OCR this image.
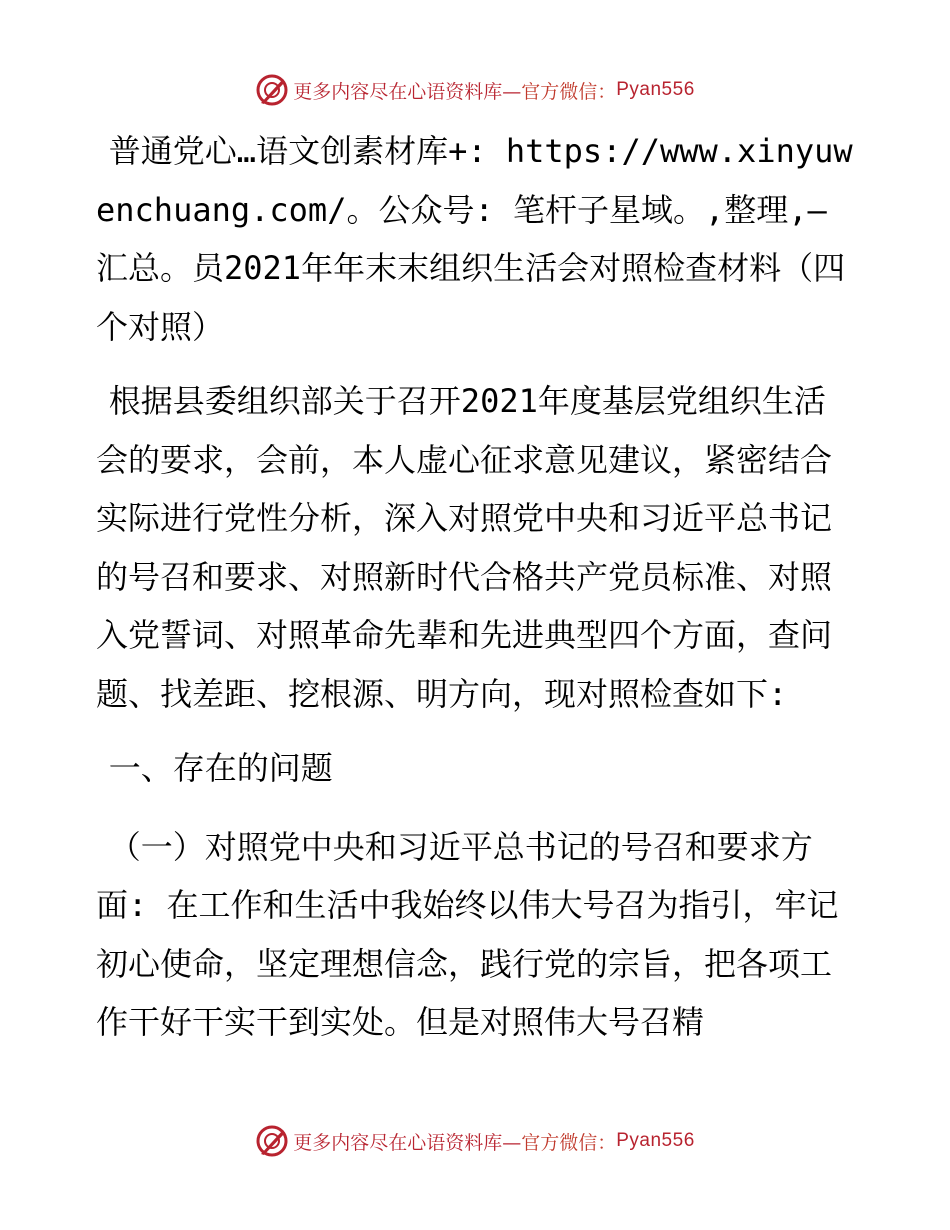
更多内容尽在心语资料库— 官方微信： Pyan556

普通党心…语文创素材库+: https://www.xinyuwenchuang.com/。公众号: 笔杆子星域。,整理,—汇总。员2021年年末末组织生活会对照检查材料（四个对照）

根据县委组织部关于召开2021年度基层党组织生活会的要求，会前，本人虚心征求意见建议，紧密结合实际进行党性分析，深入对照党中央和习近平总书记的号召和要求、对照新时代合格共产党员标准、对照入党誓词、对照革命先辈和先进典型四个方面，查问题、找差距、挖根源、明方向，现对照检查如下:

一、存在的问题

（一）对照党中央和习近平总书记的号召和要求方面: 在工作和生活中我始终以伟大号召为指引，牢记初心使命，坚定理想信念，践行党的宗旨，把各项工作干好干实干到实处。但是对照伟大号召精

更多内容尽在心语资料库— 官方微信： Pyan556
